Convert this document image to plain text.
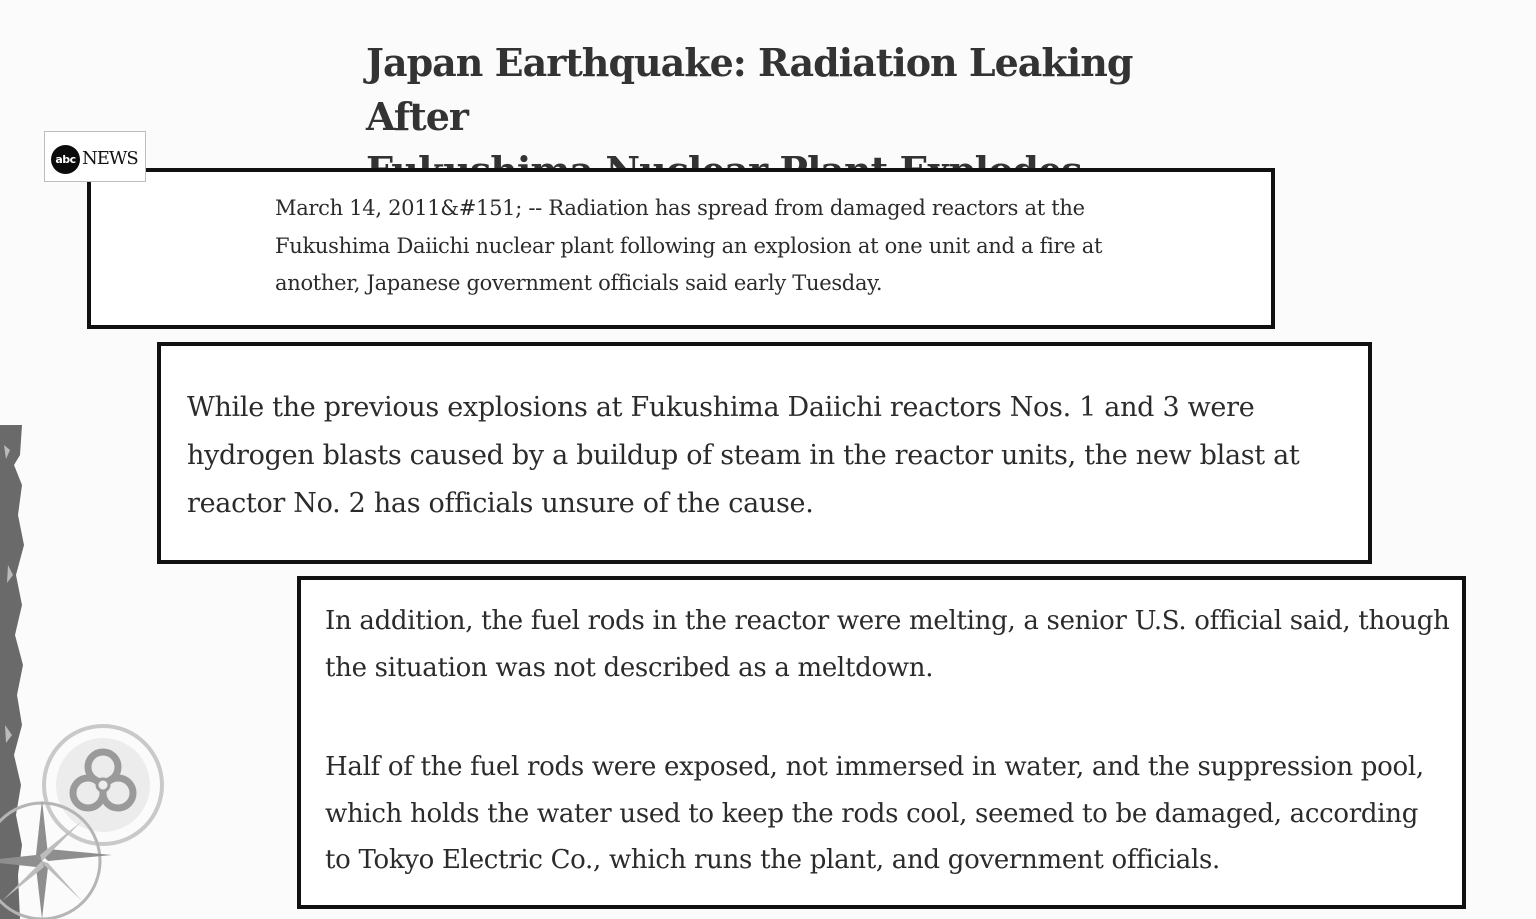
Japan Earthquake: Radiation Leaking After
abc NEWS

March 14, 2011&#151; -- Radiation has spread from damaged reactors at the Fukushima Daiichi nuclear plant following an explosion at one unit and a fire at another, Japanese government officials said early Tuesday.

While the previous explosions at Fukushima Daiichi reactors Nos. 1 and 3 were hydrogen blasts caused by a buildup of steam in the reactor units, the new blast at reactor No. 2 has officials unsure of the cause.

In addition, the fuel rods in the reactor were melting, a senior U.S. official said, though the situation was not described as a meltdown.

Half of the fuel rods were exposed, not immersed in water, and the suppression pool, which holds the water used to keep the rods cool, seemed to be damaged, according to Tokyo Electric Co., which runs the plant, and government officials.
